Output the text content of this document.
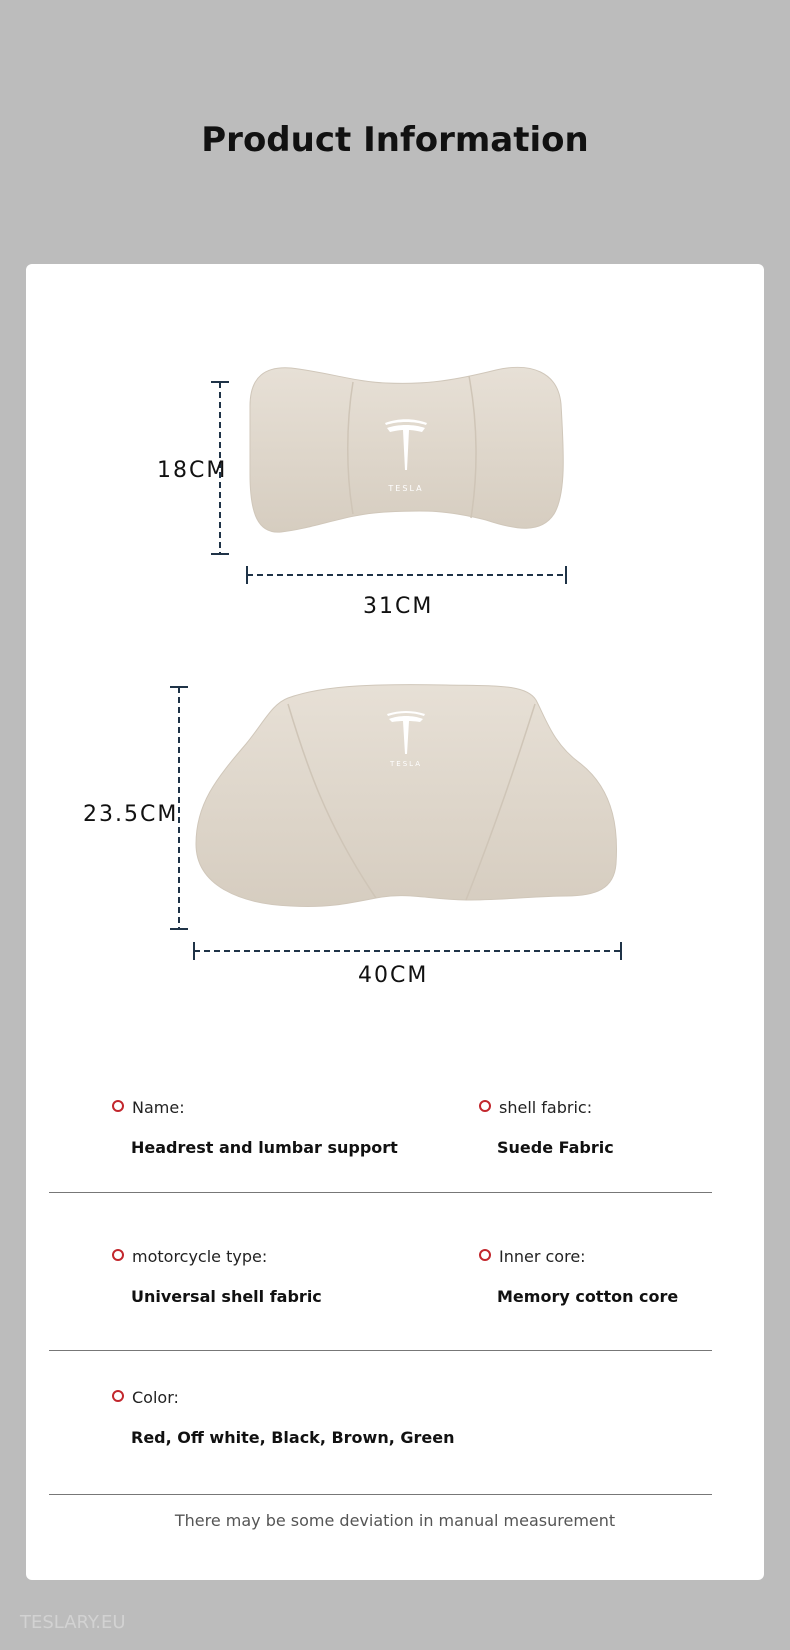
Product Information
TESLA
TESLA
18CM
31CM
23.5CM
40CM
Name:
Headrest and lumbar support
shell fabric:
Suede Fabric
motorcycle type:
Universal shell fabric
Inner core:
Memory cotton core
Color:
Red, Off white, Black, Brown, Green
There may be some deviation in manual measurement
TESLARY.EU
